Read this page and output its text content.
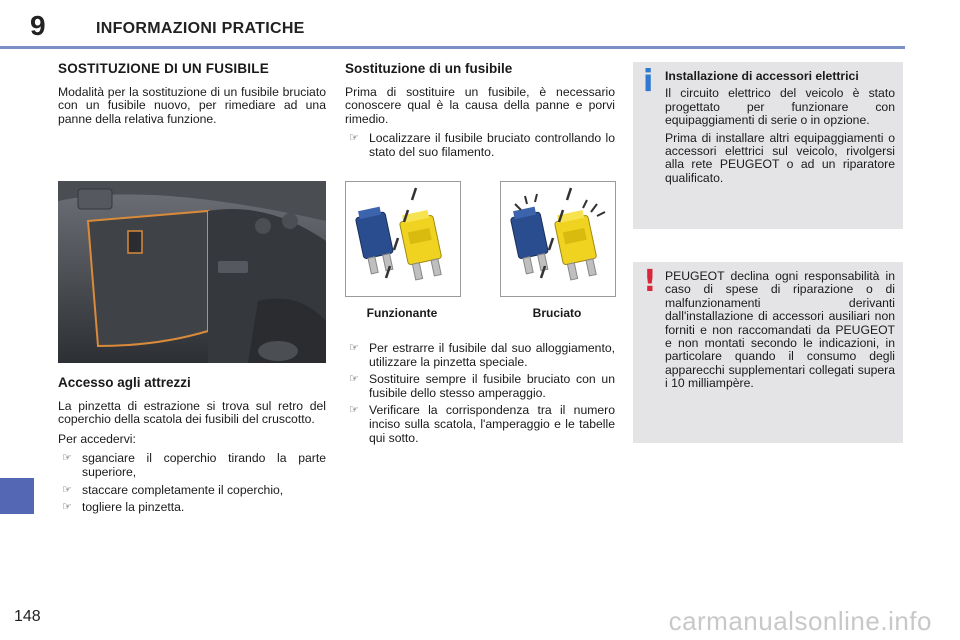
9	INFORMAZIONI PRATICHE
SOSTITUZIONE DI UN FUSIBILE

Modalità per la sostituzione di un fusibile bruciato con un fusibile nuovo, per rimediare ad una panne della relativa funzione.

Accesso agli attrezzi

La pinzetta di estrazione si trova sul retro del coperchio della scatola dei fusibili del cruscotto.

Per accedervi:

☞ sganciare il coperchio tirando la parte superiore,
☞ staccare completamente il coperchio,
☞ togliere la pinzetta.
Sostituzione di un fusibile

Prima di sostituire un fusibile, è necessario conoscere qual è la causa della panne e porvi rimedio.

☞ Localizzare il fusibile bruciato controllando lo stato del suo filamento.
Funzionante	Bruciato
☞ Per estrarre il fusibile dal suo alloggiamento, utilizzare la pinzetta speciale.
☞ Sostituire sempre il fusibile bruciato con un fusibile dello stesso amperaggio.
☞ Verificare la corrispondenza tra il numero inciso sulla scatola, l'amperaggio e le tabelle qui sotto.
i Installazione di accessori elettrici

Il circuito elettrico del veicolo è stato progettato per funzionare con equipaggiamenti di serie o in opzione.

Prima di installare altri equipaggiamenti o accessori elettrici sul veicolo, rivolgersi alla rete PEUGEOT o ad un riparatore qualificato.

! PEUGEOT declina ogni responsabilità in caso di spese di riparazione o di malfunzionamenti derivanti dall'installazione di accessori ausiliari non forniti e non raccomandati da PEUGEOT e non montati secondo le indicazioni, in particolare quando il consumo degli apparecchi supplementari collegati supera i 10 milliampère.

148	carmanualsonline.info
